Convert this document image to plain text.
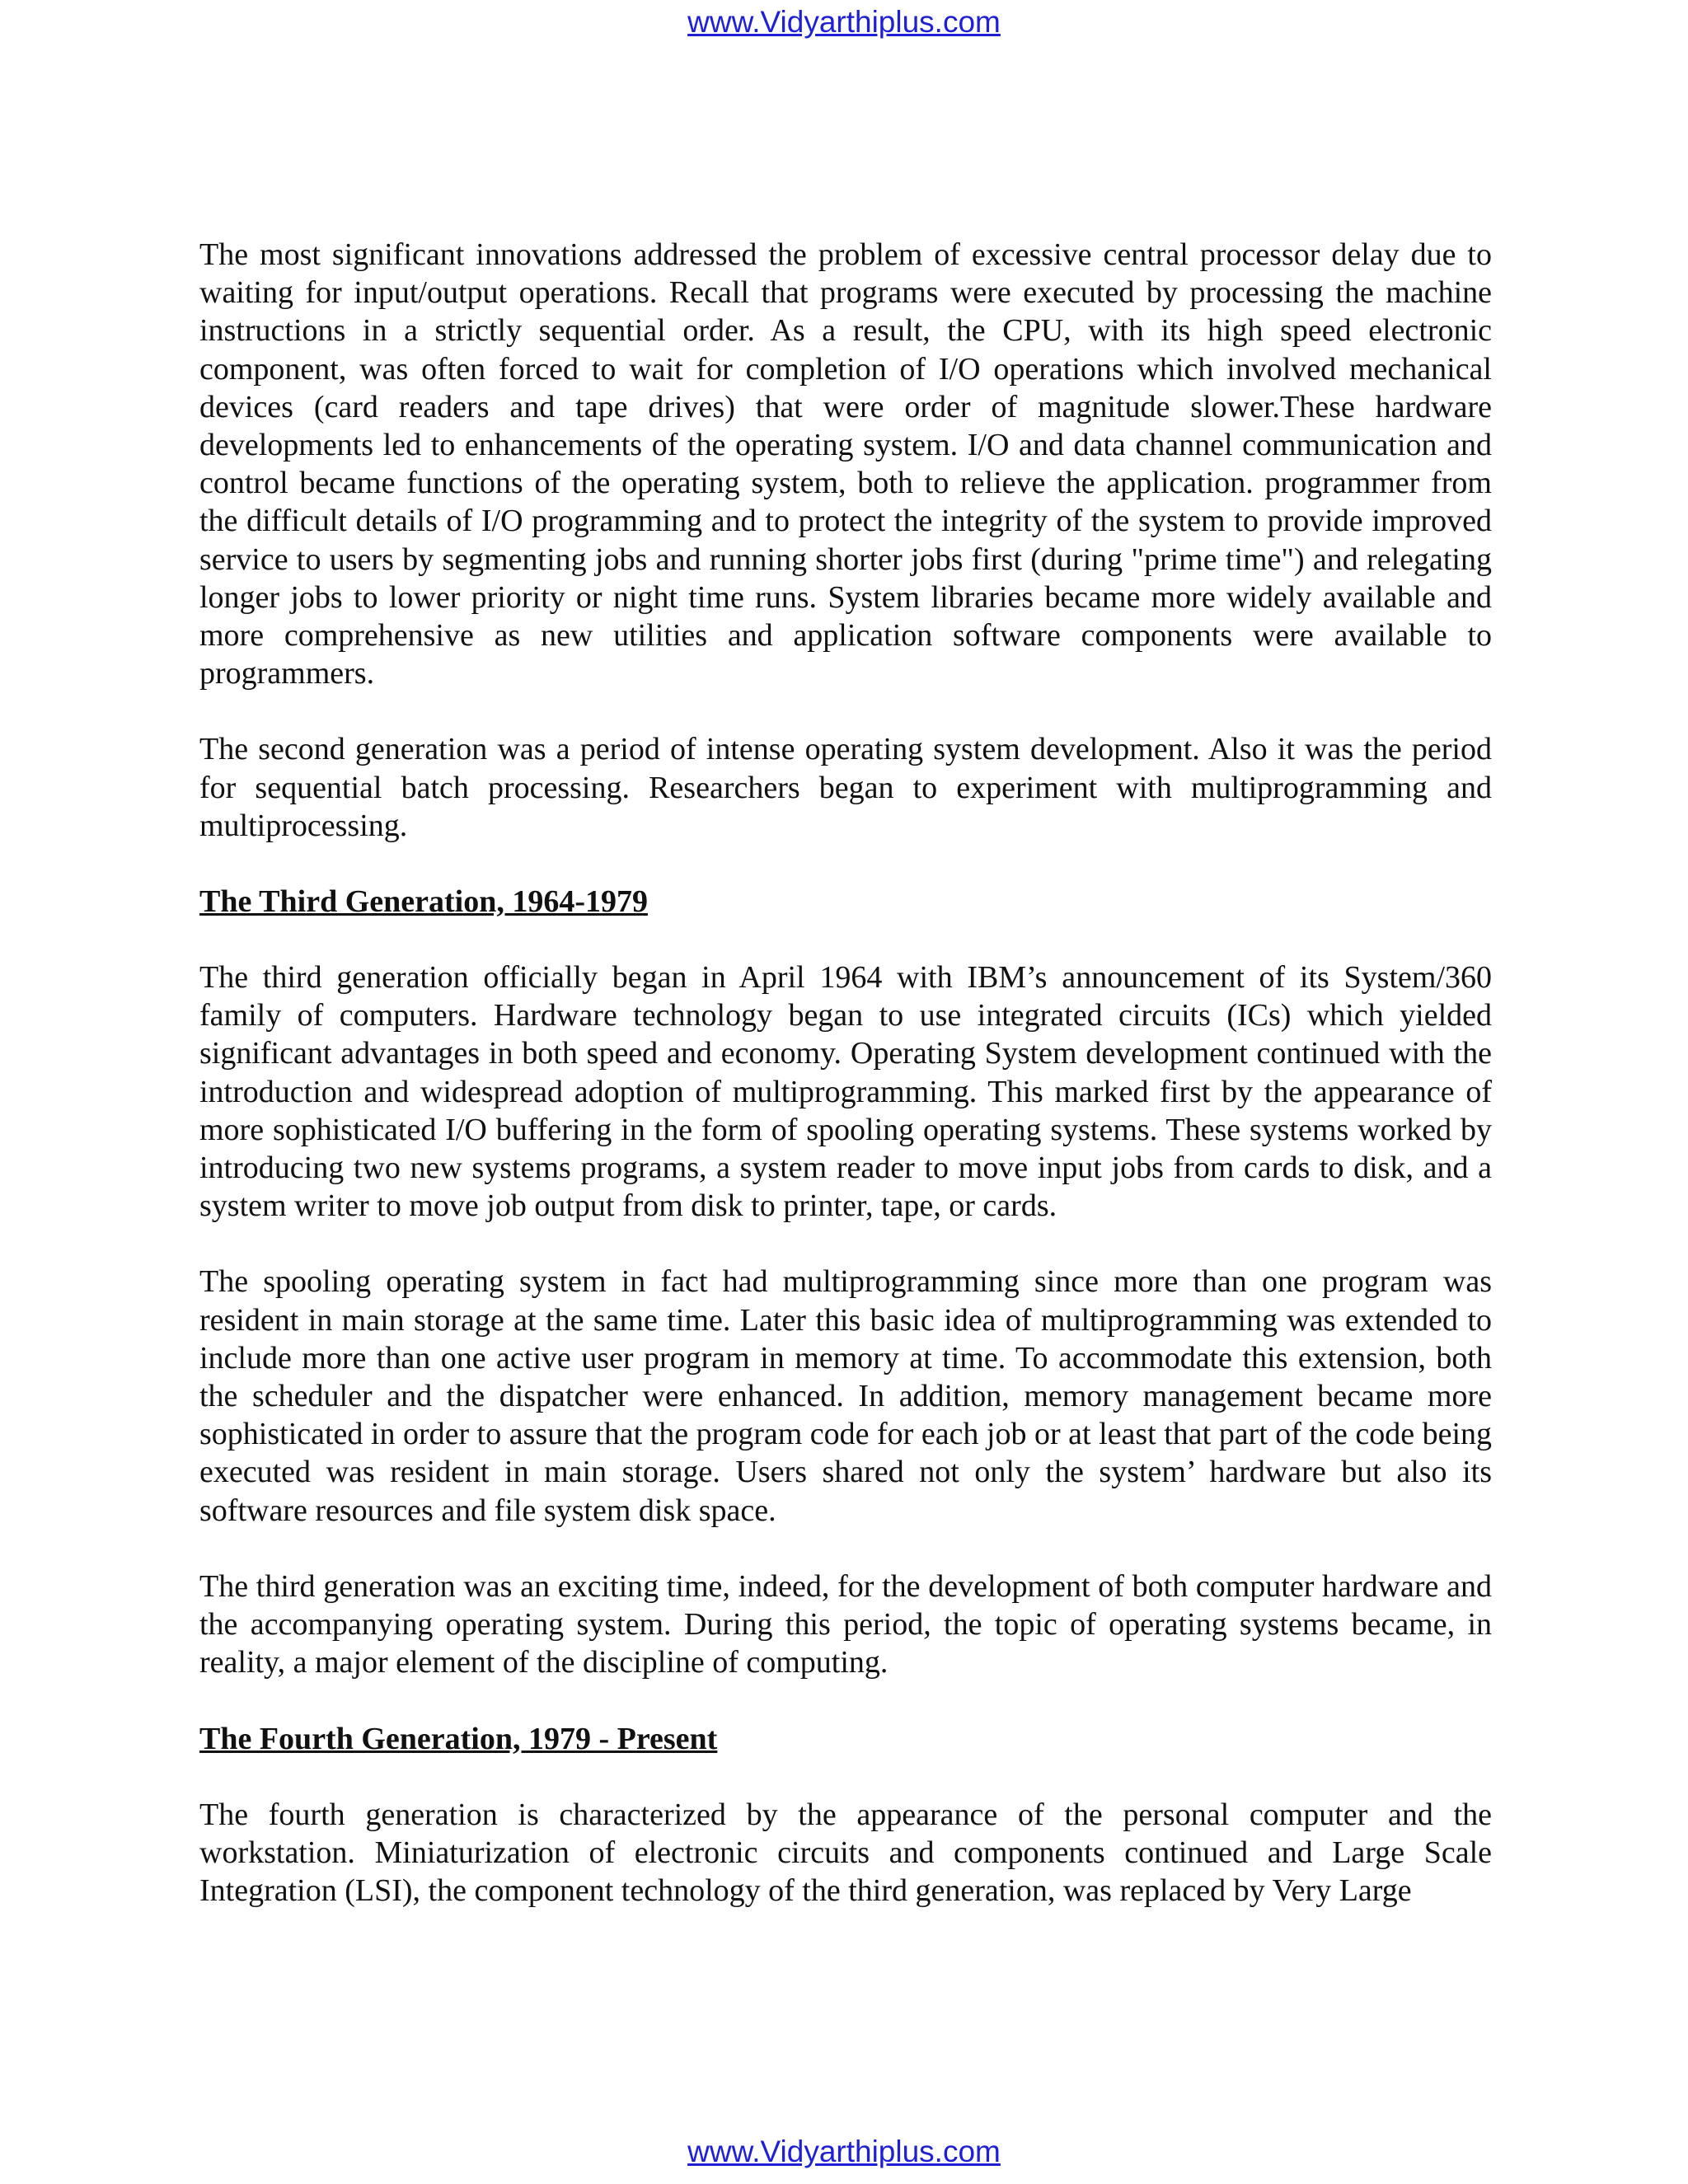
www.Vidyarthiplus.com

The most significant innovations addressed the problem of excessive central processor delay due to waiting for input/output operations. Recall that programs were executed by processing the machine instructions in a strictly sequential order. As a result, the CPU, with its high speed electronic component, was often forced to wait for completion of I/O operations which involved mechanical devices (card readers and tape drives) that were order of magnitude slower.These hardware developments led to enhancements of the operating system. I/O and data channel communication and control became functions of the operating system, both to relieve the application. programmer from the difficult details of I/O programming and to protect the integrity of the system to provide improved service to users by segmenting jobs and running shorter jobs first (during "prime time") and relegating longer jobs to lower priority or night time runs. System libraries became more widely available and more comprehensive as new utilities and application software components were available to programmers.

The second generation was a period of intense operating system development. Also it was the period for sequential batch processing. Researchers began to experiment with multiprogramming and multiprocessing.

The Third Generation, 1964-1979

The third generation officially began in April 1964 with IBM’s announcement of its System/360 family of computers. Hardware technology began to use integrated circuits (ICs) which yielded significant advantages in both speed and economy. Operating System development continued with the introduction and widespread adoption of multiprogramming. This marked first by the appearance of more sophisticated I/O buffering in the form of spooling operating systems. These systems worked by introducing two new systems programs, a system reader to move input jobs from cards to disk, and a system writer to move job output from disk to printer, tape, or cards.

The spooling operating system in fact had multiprogramming since more than one program was resident in main storage at the same time. Later this basic idea of multiprogramming was extended to include more than one active user program in memory at time. To accommodate this extension, both the scheduler and the dispatcher were enhanced. In addition, memory management became more sophisticated in order to assure that the program code for each job or at least that part of the code being executed was resident in main storage. Users shared not only the system’ hardware but also its software resources and file system disk space.

The third generation was an exciting time, indeed, for the development of both computer hardware and the accompanying operating system. During this period, the topic of operating systems became, in reality, a major element of the discipline of computing.

The Fourth Generation, 1979 - Present

The fourth generation is characterized by the appearance of the personal computer and the workstation. Miniaturization of electronic circuits and components continued and Large Scale Integration (LSI), the component technology of the third generation, was replaced by Very Large

www.Vidyarthiplus.com
